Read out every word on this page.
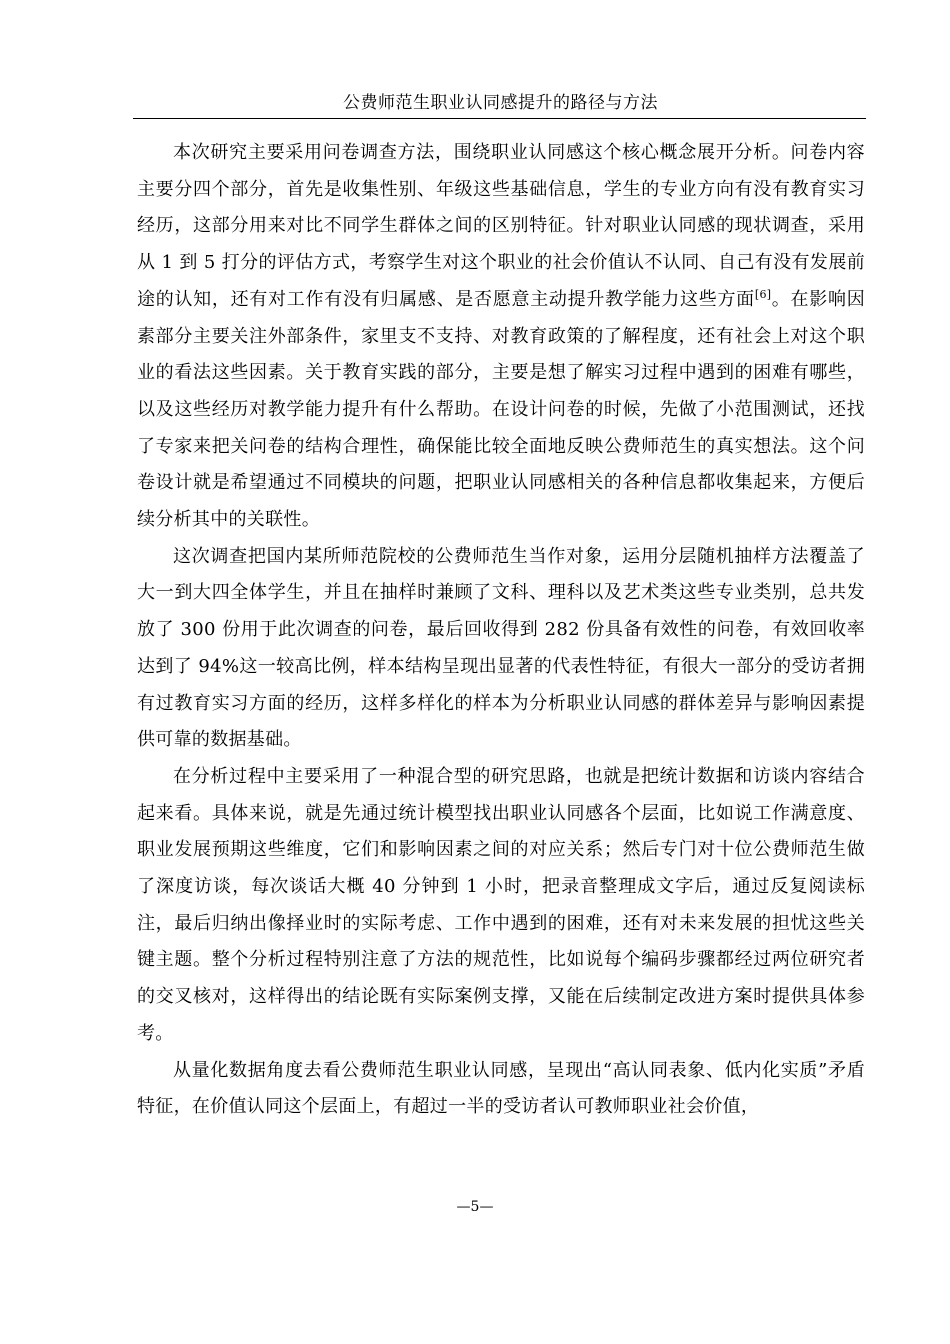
公费师范生职业认同感提升的路径与方法

本次研究主要采用问卷调查方法，围绕职业认同感这个核心概念展开分析。问卷内容主要分四个部分，首先是收集性别、年级这些基础信息，学生的专业方向有没有教育实习经历，这部分用来对比不同学生群体之间的区别特征。针对职业认同感的现状调查，采用从 1 到 5 打分的评估方式，考察学生对这个职业的社会价值认不认同、自己有没有发展前途的认知，还有对工作有没有归属感、是否愿意主动提升教学能力这些方面[6]。在影响因素部分主要关注外部条件，家里支不支持、对教育政策的了解程度，还有社会上对这个职业的看法这些因素。关于教育实践的部分，主要是想了解实习过程中遇到的困难有哪些，以及这些经历对教学能力提升有什么帮助。在设计问卷的时候，先做了小范围测试，还找了专家来把关问卷的结构合理性，确保能比较全面地反映公费师范生的真实想法。这个问卷设计就是希望通过不同模块的问题，把职业认同感相关的各种信息都收集起来，方便后续分析其中的关联性。

这次调查把国内某所师范院校的公费师范生当作对象，运用分层随机抽样方法覆盖了大一到大四全体学生，并且在抽样时兼顾了文科、理科以及艺术类这些专业类别，总共发放了 300 份用于此次调查的问卷，最后回收得到 282 份具备有效性的问卷，有效回收率达到了 94%这一较高比例，样本结构呈现出显著的代表性特征，有很大一部分的受访者拥有过教育实习方面的经历，这样多样化的样本为分析职业认同感的群体差异与影响因素提供可靠的数据基础。

在分析过程中主要采用了一种混合型的研究思路，也就是把统计数据和访谈内容结合起来看。具体来说，就是先通过统计模型找出职业认同感各个层面，比如说工作满意度、职业发展预期这些维度，它们和影响因素之间的对应关系；然后专门对十位公费师范生做了深度访谈，每次谈话大概 40 分钟到 1 小时，把录音整理成文字后，通过反复阅读标注，最后归纳出像择业时的实际考虑、工作中遇到的困难，还有对未来发展的担忧这些关键主题。整个分析过程特别注意了方法的规范性，比如说每个编码步骤都经过两位研究者的交叉核对，这样得出的结论既有实际案例支撑，又能在后续制定改进方案时提供具体参考。

从量化数据角度去看公费师范生职业认同感，呈现出“高认同表象、低内化实质”矛盾特征，在价值认同这个层面上，有超过一半的受访者认可教师职业社会价值，

—5—
